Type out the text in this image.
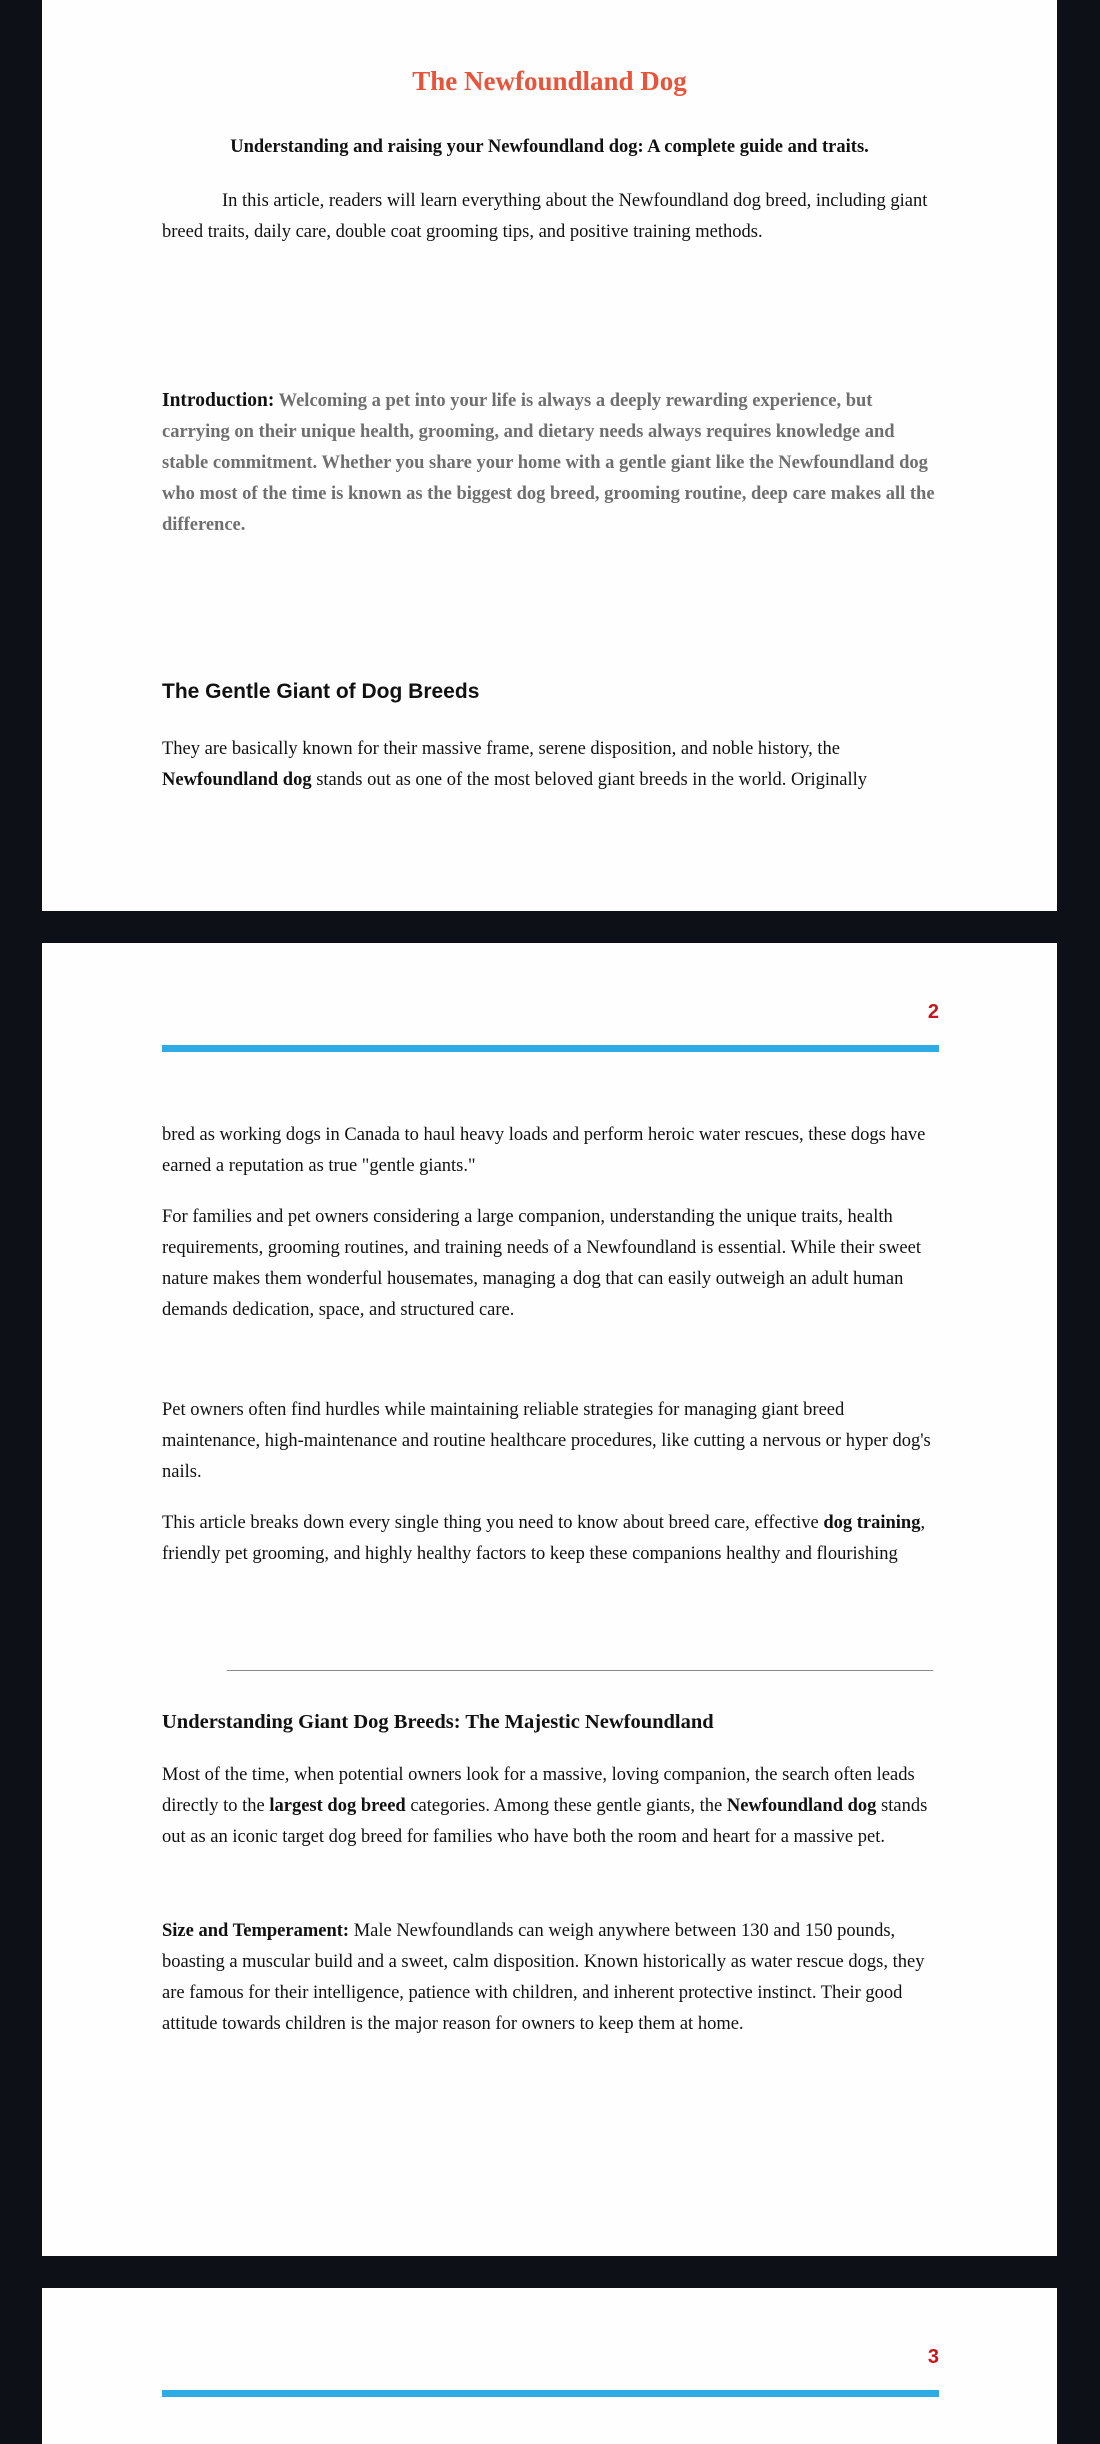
The Newfoundland Dog

Understanding and raising your Newfoundland dog: A complete guide and traits.

In this article, readers will learn everything about the Newfoundland dog breed, including giant breed traits, daily care, double coat grooming tips, and positive training methods.

Introduction: Welcoming a pet into your life is always a deeply rewarding experience, but carrying on their unique health, grooming, and dietary needs always requires knowledge and stable commitment. Whether you share your home with a gentle giant like the Newfoundland dog who most of the time is known as the biggest dog breed, grooming routine, deep care makes all the difference.

The Gentle Giant of Dog Breeds

They are basically known for their massive frame, serene disposition, and noble history, the Newfoundland dog stands out as one of the most beloved giant breeds in the world. Originally

2

bred as working dogs in Canada to haul heavy loads and perform heroic water rescues, these dogs have earned a reputation as true "gentle giants."

For families and pet owners considering a large companion, understanding the unique traits, health requirements, grooming routines, and training needs of a Newfoundland is essential. While their sweet nature makes them wonderful housemates, managing a dog that can easily outweigh an adult human demands dedication, space, and structured care.

Pet owners often find hurdles while maintaining reliable strategies for managing giant breed maintenance, high-maintenance and routine healthcare procedures, like cutting a nervous or hyper dog's nails.

This article breaks down every single thing you need to know about breed care, effective dog training, friendly pet grooming, and highly healthy factors to keep these companions healthy and flourishing

Understanding Giant Dog Breeds: The Majestic Newfoundland

Most of the time, when potential owners look for a massive, loving companion, the search often leads directly to the largest dog breed categories. Among these gentle giants, the Newfoundland dog stands out as an iconic target dog breed for families who have both the room and heart for a massive pet.

Size and Temperament: Male Newfoundlands can weigh anywhere between 130 and 150 pounds, boasting a muscular build and a sweet, calm disposition. Known historically as water rescue dogs, they are famous for their intelligence, patience with children, and inherent protective instinct. Their good attitude towards children is the major reason for owners to keep them at home.

3
